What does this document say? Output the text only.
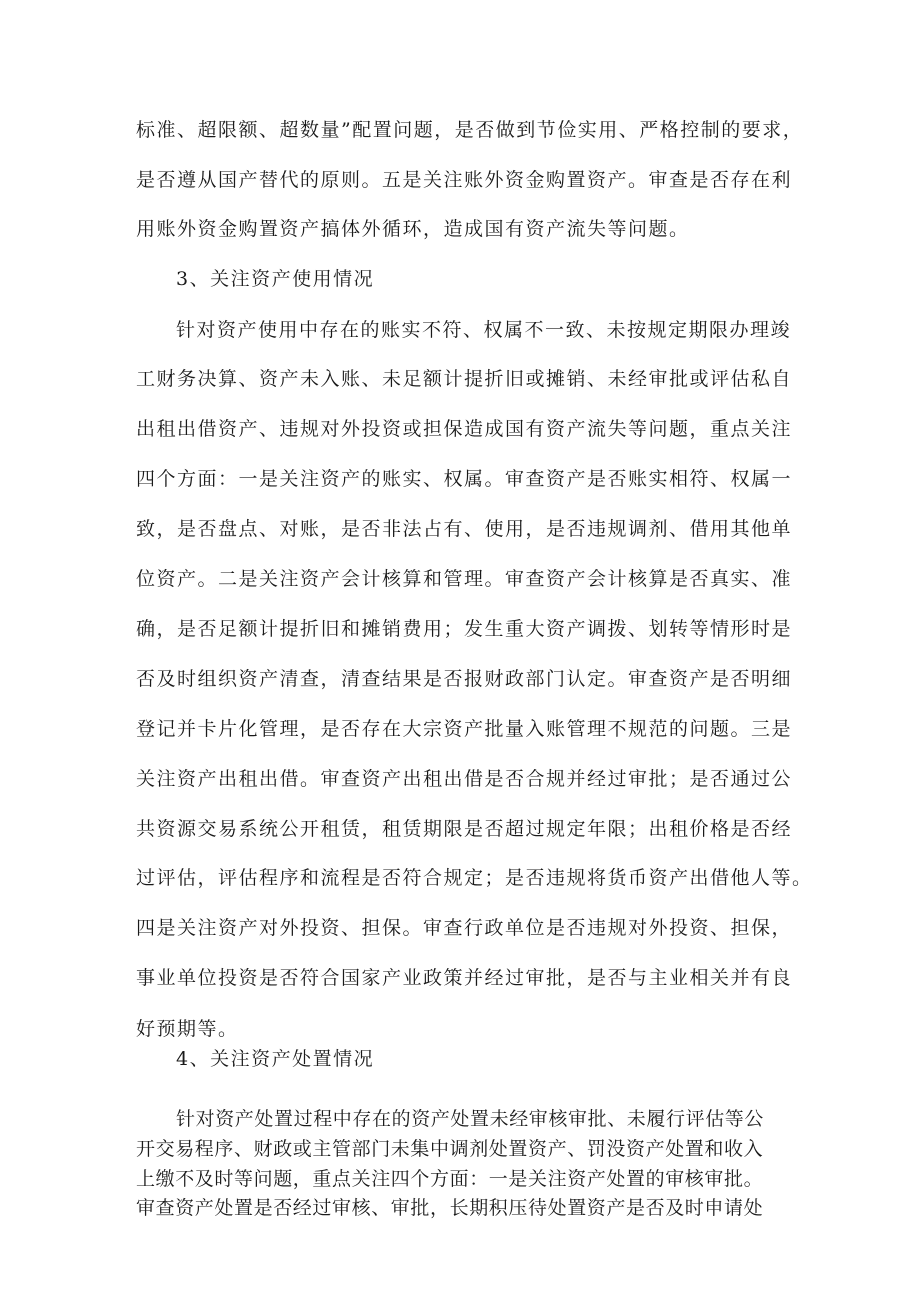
标准、超限额、超数量”配置问题，是否做到节俭实用、严格控制的要求，
是否遵从国产替代的原则。五是关注账外资金购置资产。审查是否存在利
用账外资金购置资产搞体外循环，造成国有资产流失等问题。
3、关注资产使用情况
针对资产使用中存在的账实不符、权属不一致、未按规定期限办理竣
工财务决算、资产未入账、未足额计提折旧或摊销、未经审批或评估私自
出租出借资产、违规对外投资或担保造成国有资产流失等问题，重点关注
四个方面：一是关注资产的账实、权属。审查资产是否账实相符、权属一
致，是否盘点、对账，是否非法占有、使用，是否违规调剂、借用其他单
位资产。二是关注资产会计核算和管理。审查资产会计核算是否真实、准
确，是否足额计提折旧和摊销费用；发生重大资产调拨、划转等情形时是
否及时组织资产清查，清查结果是否报财政部门认定。审查资产是否明细
登记并卡片化管理，是否存在大宗资产批量入账管理不规范的问题。三是
关注资产出租出借。审查资产出租出借是否合规并经过审批；是否通过公
共资源交易系统公开租赁，租赁期限是否超过规定年限；出租价格是否经
过评估，评估程序和流程是否符合规定；是否违规将货币资产出借他人等。
四是关注资产对外投资、担保。审查行政单位是否违规对外投资、担保，
事业单位投资是否符合国家产业政策并经过审批，是否与主业相关并有良
好预期等。
4、关注资产处置情况
针对资产处置过程中存在的资产处置未经审核审批、未履行评估等公
开交易程序、财政或主管部门未集中调剂处置资产、罚没资产处置和收入
上缴不及时等问题，重点关注四个方面：一是关注资产处置的审核审批。
审查资产处置是否经过审核、审批，长期积压待处置资产是否及时申请处
